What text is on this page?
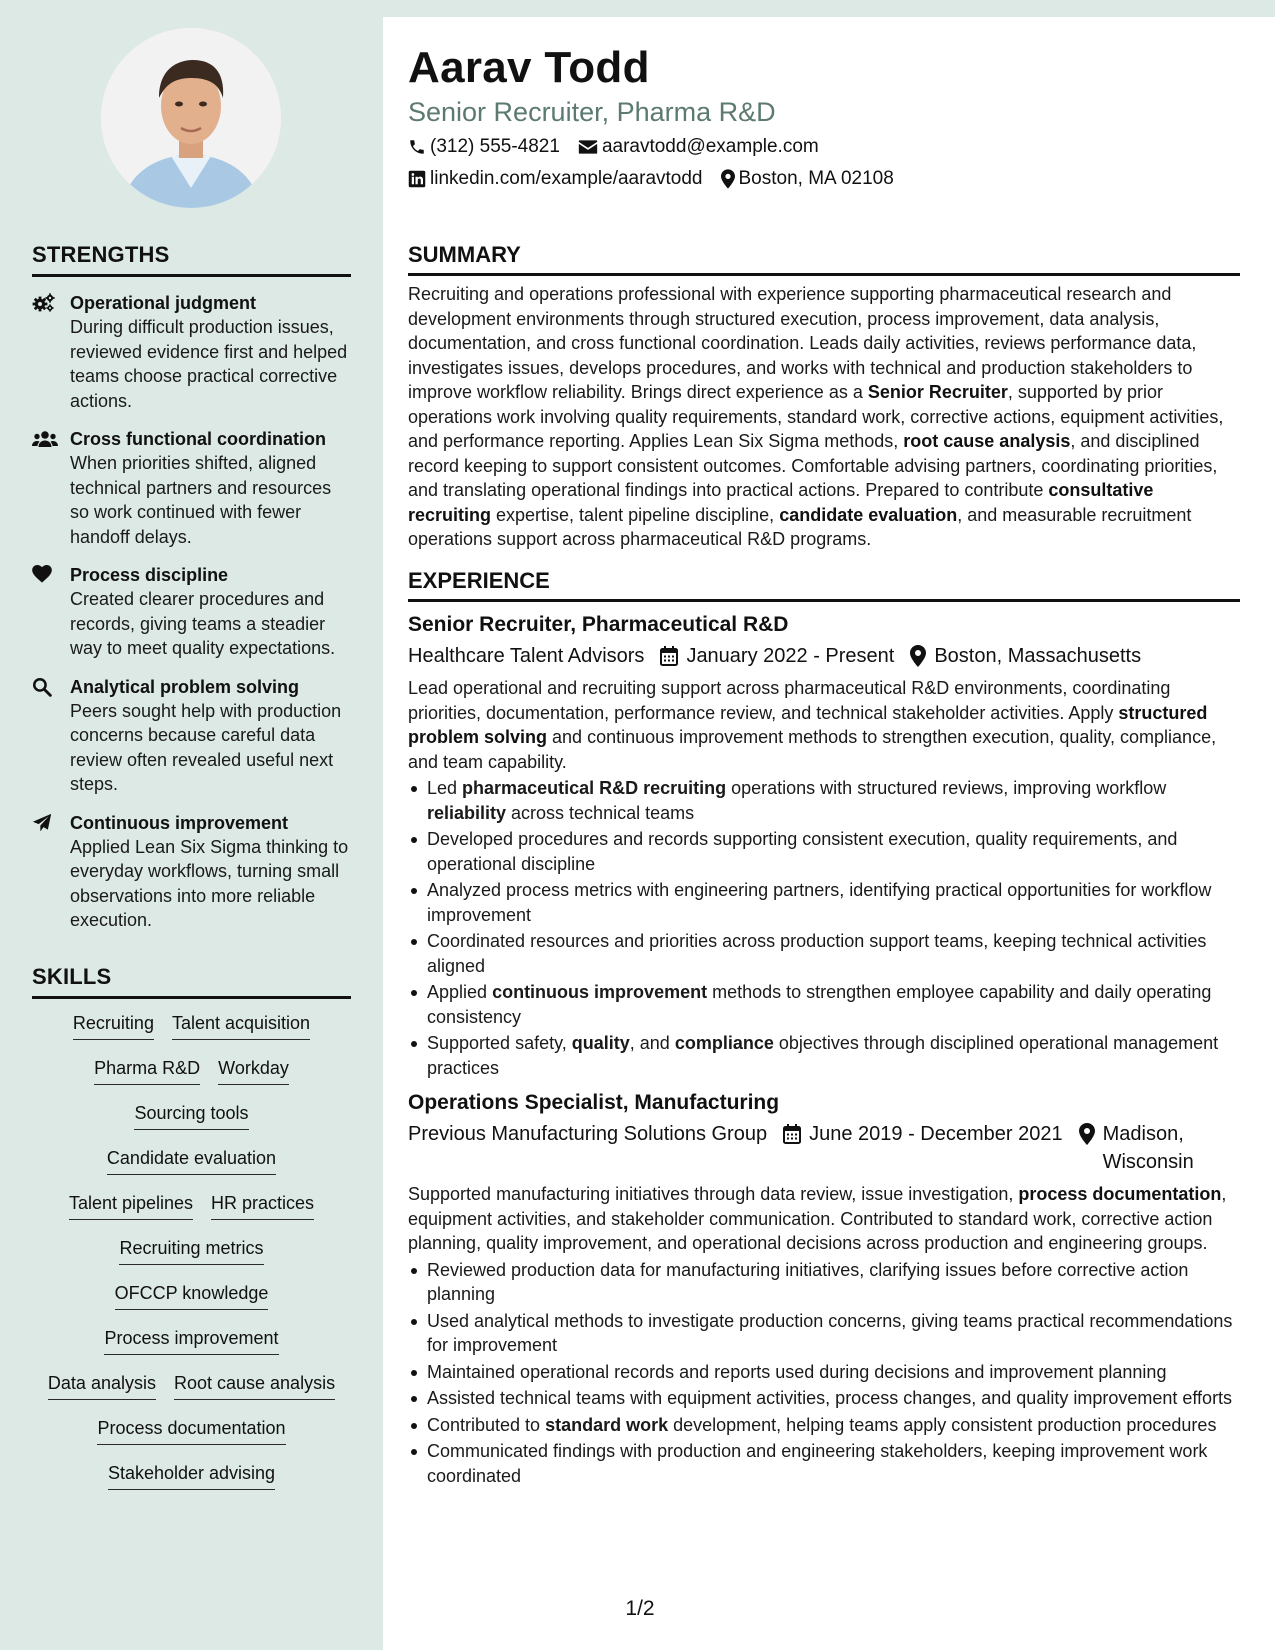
STRENGTHS
Operational judgment
During difficult production issues, reviewed evidence first and helped teams choose practical corrective actions.
Cross functional coordination
When priorities shifted, aligned technical partners and resources so work continued with fewer handoff delays.
Process discipline
Created clearer procedures and records, giving teams a steadier way to meet quality expectations.
Analytical problem solving
Peers sought help with production concerns because careful data review often revealed useful next steps.
Continuous improvement
Applied Lean Six Sigma thinking to everyday workflows, turning small observations into more reliable execution.
SKILLS
Recruiting Talent acquisition
Pharma R&D Workday
Sourcing tools
Candidate evaluation
Talent pipelines HR practices
Recruiting metrics
OFCCP knowledge
Process improvement
Data analysis Root cause analysis
Process documentation
Stakeholder advising
Aarav Todd
Senior Recruiter, Pharma R&D
(312) 555-4821 aaravtodd@example.com
linkedin.com/example/aaravtodd Boston, MA 02108
SUMMARY

Recruiting and operations professional with experience supporting pharmaceutical research and development environments through structured execution, process improvement, data analysis, documentation, and cross functional coordination. Leads daily activities, reviews performance data, investigates issues, develops procedures, and works with technical and production stakeholders to improve workflow reliability. Brings direct experience as a Senior Recruiter, supported by prior operations work involving quality requirements, standard work, corrective actions, equipment activities, and performance reporting. Applies Lean Six Sigma methods, root cause analysis, and disciplined record keeping to support consistent outcomes. Comfortable advising partners, coordinating priorities, and translating operational findings into practical actions. Prepared to contribute consultative recruiting expertise, talent pipeline discipline, candidate evaluation, and measurable recruitment operations support across pharmaceutical R&D programs.

EXPERIENCE
Senior Recruiter, Pharmaceutical R&D
Healthcare Talent Advisors January 2022 - Present Boston, Massachusetts

Lead operational and recruiting support across pharmaceutical R&D environments, coordinating priorities, documentation, performance review, and technical stakeholder activities. Apply structured problem solving and continuous improvement methods to strengthen execution, quality, compliance, and team capability.

Led pharmaceutical R&D recruiting operations with structured reviews, improving workflow reliability across technical teams
Developed procedures and records supporting consistent execution, quality requirements, and operational discipline
Analyzed process metrics with engineering partners, identifying practical opportunities for workflow improvement
Coordinated resources and priorities across production support teams, keeping technical activities aligned
Applied continuous improvement methods to strengthen employee capability and daily operating consistency
Supported safety, quality, and compliance objectives through disciplined operational management practices
Operations Specialist, Manufacturing
Previous Manufacturing Solutions Group June 2019 - December 2021 Madison, Wisconsin

Supported manufacturing initiatives through data review, issue investigation, process documentation, equipment activities, and stakeholder communication. Contributed to standard work, corrective action planning, quality improvement, and operational decisions across production and engineering groups.

Reviewed production data for manufacturing initiatives, clarifying issues before corrective action planning
Used analytical methods to investigate production concerns, giving teams practical recommendations for improvement
Maintained operational records and reports used during decisions and improvement planning
Assisted technical teams with equipment activities, process changes, and quality improvement efforts
Contributed to standard work development, helping teams apply consistent production procedures
Communicated findings with production and engineering stakeholders, keeping improvement work coordinated
1/2
